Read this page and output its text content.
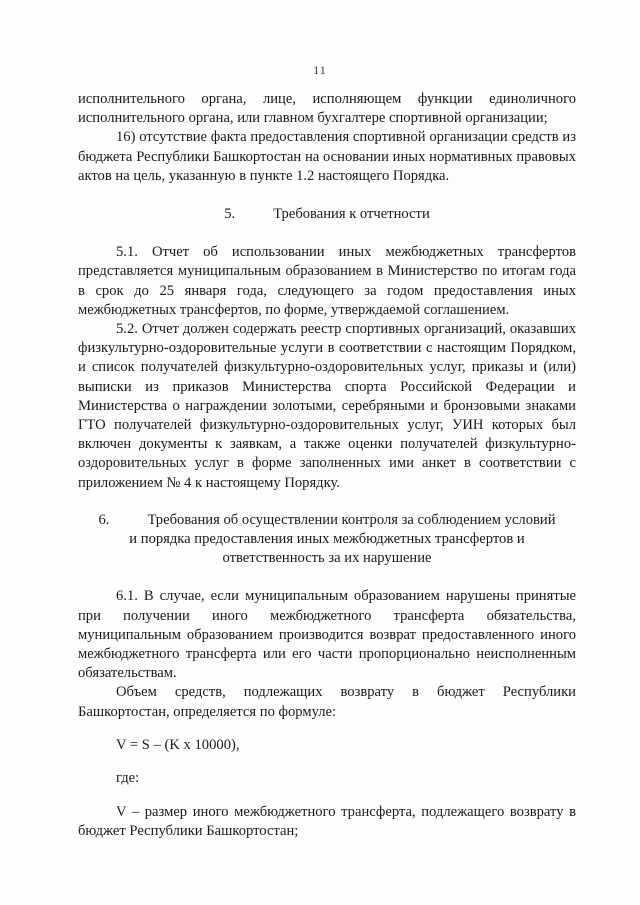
11

исполнительного органа, лице, исполняющем функции единоличного исполнительного органа, или главном бухгалтере спортивной организации;

16) отсутствие факта предоставления спортивной организации средств из бюджета Республики Башкортостан на основании иных нормативных правовых актов на цель, указанную в пункте 1.2 настоящего Порядка.

5.	Требования к отчетности

5.1. Отчет об использовании иных межбюджетных трансфертов представляется муниципальным образованием в Министерство по итогам года в срок до 25 января года, следующего за годом предоставления иных межбюджетных трансфертов, по форме, утверждаемой соглашением.

5.2. Отчет должен содержать реестр спортивных организаций, оказавших физкультурно-оздоровительные услуги в соответствии с настоящим Порядком, и список получателей физкультурно-оздоровительных услуг, приказы и (или) выписки из приказов Министерства спорта Российской Федерации и Министерства о награждении золотыми, серебряными и бронзовыми знаками ГТО получателей физкультурно-оздоровительных услуг, УИН которых был включен документы к заявкам, а также оценки получателей физкультурно-оздоровительных услуг в форме заполненных ими анкет в соответствии с приложением № 4 к настоящему Порядку.

6.	Требования об осуществлении контроля за соблюдением условий
и порядка предоставления иных межбюджетных трансфертов и
ответственность за их нарушение

6.1. В случае, если муниципальным образованием нарушены принятые при получении иного межбюджетного трансферта обязательства, муниципальным образованием производится возврат предоставленного иного межбюджетного трансферта или его части пропорционально неисполненным обязательствам.

Объем средств, подлежащих возврату в бюджет Республики Башкортостан, определяется по формуле:

V = S – (K x 10000),

где:

V – размер иного межбюджетного трансферта, подлежащего возврату в бюджет Республики Башкортостан;
